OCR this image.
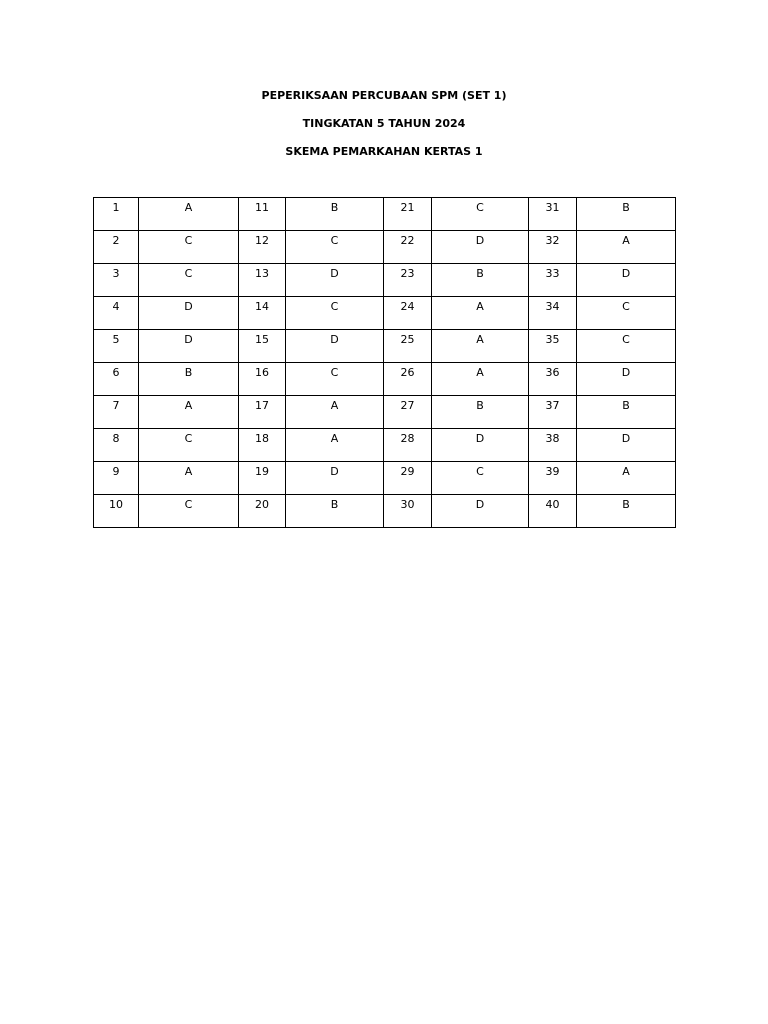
PEPERIKSAAN PERCUBAAN SPM (SET 1)
TINGKATAN 5 TAHUN 2024
SKEMA PEMARKAHAN KERTAS 1
1	A	11	B	21	C	31	B

2	C	12	C	22	D	32	A

3	C	13	D	23	B	33	D

4	D	14	C	24	A	34	C

5	D	15	D	25	A	35	C

6	B	16	C	26	A	36	D

7	A	17	A	27	B	37	B

8	C	18	A	28	D	38	D

9	A	19	D	29	C	39	A

10	C	20	B	30	D	40	B
